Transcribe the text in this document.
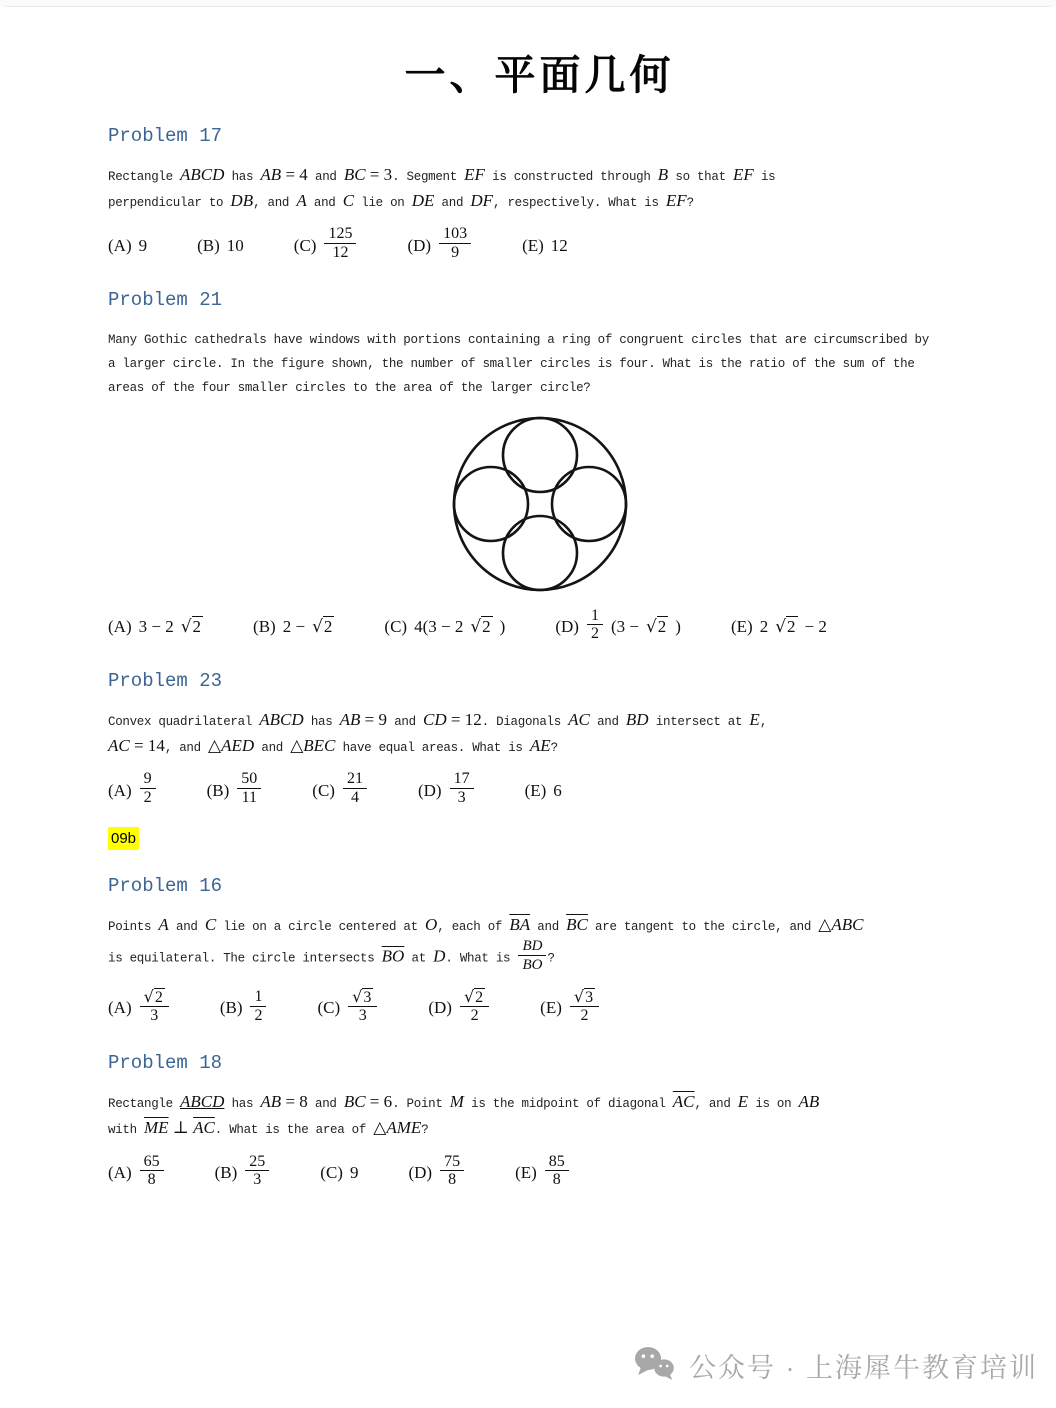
一、平面几何
Problem 17
Rectangle ABCD has AB = 4 and BC = 3. Segment EF is constructed through B so that EF is
perpendicular to DB, and A and C lie on DE and DF, respectively. What is EF?
(A) 9	(B) 10	$(C) \frac{125}{12}$	$(D) \frac{103}{9}$	(E) 12
Problem 21
Many Gothic cathedrals have windows with portions containing a ring of congruent circles that are circumscribed by
a larger circle. In the figure shown, the number of smaller circles is four. What is the ratio of the sum of the
areas of the four smaller circles to the area of the larger circle?
(A) 3 − 2 √2	(B) 2 − √2	(C) 4(3 − 2 √2 )	$(D) \frac{1}{2} (3 - √2$ )	(E) 2 √2 − 2
Problem 23
Convex quadrilateral ABCD has AB = 9 and CD = 12. Diagonals AC and BD intersect at E,
AC = 14, and △AED and △BEC have equal areas. What is AE?
$(A) \frac{9}{2}$	$(B) \frac{50}{11}$	$(C) \frac{21}{4}$	$(D) \frac{17}{3}$	(E) 6
09b
Problem 16
Points A and C lie on a circle centered at O, each of $\overline{BA}$ and $\overline{BC}$ are tangent to the circle, and △ABC
is equilateral. The circle intersects $\overline{BO}$ at D. What is $\frac{BD}{BO}$ ?
$(A) \frac{√2}{3}$	$(B) \frac{1}{2}$	$(C) \frac{√3}{3}$	$(D) \frac{√2}{2}$	$(E) \frac{√3}{2}$
Problem 18
Rectangle ABCD has AB = 8 and BC = 6. Point M is the midpoint of diagonal $\overline{AC}$, and E is on AB
with $\overline{ME}$ ⊥ $\overline{AC}$. What is the area of △AME?
$(A) \frac{65}{8}$	$(B) \frac{25}{3}$	(C) 9	$(D) \frac{75}{8}$	$(E) \frac{85}{8}$
公众号 · 上海犀牛教育培训
